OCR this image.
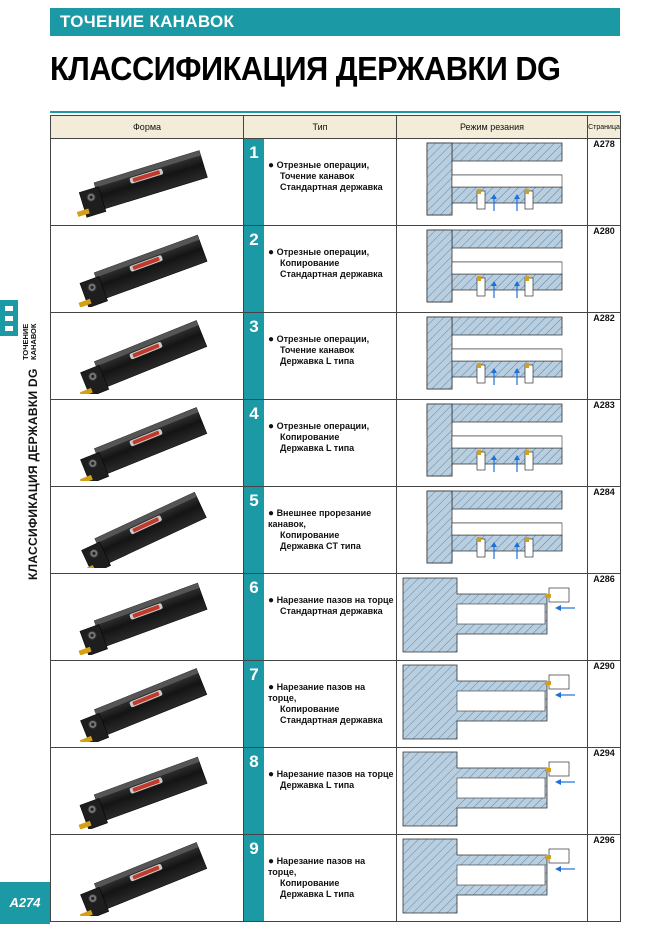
ТОЧЕНИЕ КАНАВОК
КЛАССИФИКАЦИЯ ДЕРЖАВКИ DG
ТОЧЕНИЕ КАНАВОК
КЛАССИФИКАЦИЯ ДЕРЖАВКИ DG
Форма	Тип	Режим резания	Страница

1
● Отрезные операции,
Точение канавок
Стандартная державка		A278

2
● Отрезные операции,
Копирование
Стандартная державка		A280

3
● Отрезные операции,
Точение канавок
Державка L типа		A282

4
● Отрезные операции,
Копирование
Державка L типа		A283

5
● Внешнее прорезание канавок,
Копирование
Державка CT типа		A284

6
● Нарезание пазов на торце
Стандартная державка		A286

7
● Нарезание пазов на торце,
Копирование
Стандартная державка		A290

8
● Нарезание пазов на торце
Державка L типа		A294

9
● Нарезание пазов на торце,
Копирование
Державка L типа		A296
A274
